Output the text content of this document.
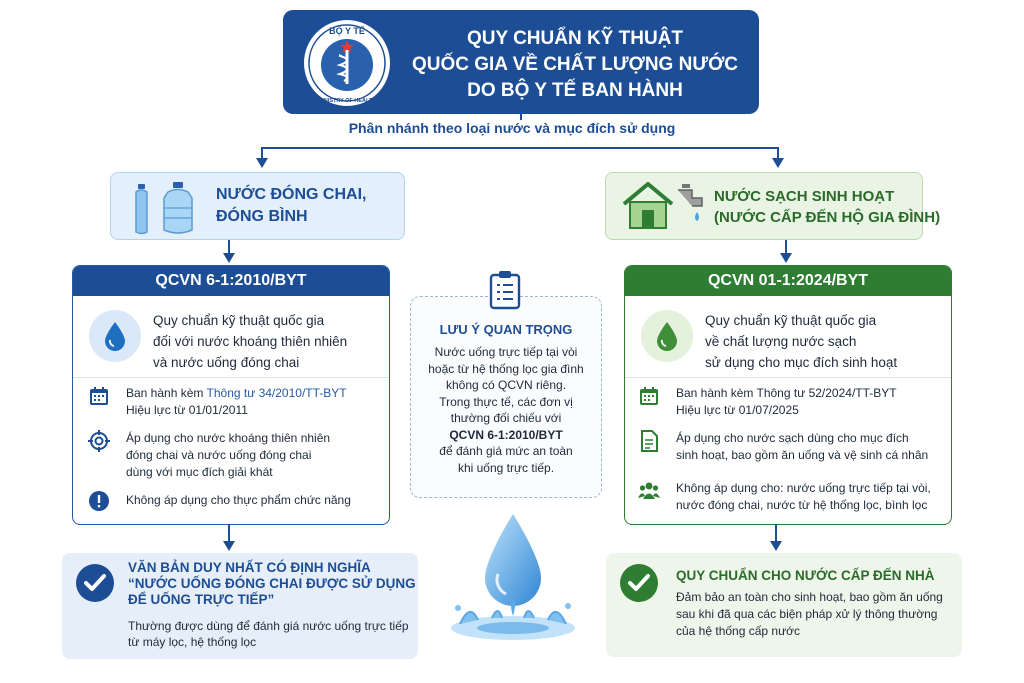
BỘ Y TẾ
MINISTRY OF HEALTH
QUY CHUẨN KỸ THUẬT
QUỐC GIA VỀ CHẤT LƯỢNG NƯỚC
DO BỘ Y TẾ BAN HÀNH
Phân nhánh theo loại nước và mục đích sử dụng
NƯỚC ĐÓNG CHAI,
ĐÓNG BÌNH
NƯỚC SẠCH SINH HOẠT
(NƯỚC CẤP ĐẾN HỘ GIA ĐÌNH)
QCVN 6-1:2010/BYT
Quy chuẩn kỹ thuật quốc gia
đối với nước khoáng thiên nhiên
và nước uống đóng chai
Ban hành kèm Thông tư 34/2010/TT-BYT
Hiệu lực từ 01/01/2011
Áp dụng cho nước khoáng thiên nhiên
đóng chai và nước uống đóng chai
dùng với mục đích giải khát
Không áp dụng cho thực phẩm chức năng
QCVN 01-1:2024/BYT
Quy chuẩn kỹ thuật quốc gia
về chất lượng nước sạch
sử dụng cho mục đích sinh hoạt
Ban hành kèm Thông tư 52/2024/TT-BYT
Hiệu lực từ 01/07/2025
Áp dụng cho nước sạch dùng cho mục đích
sinh hoạt, bao gồm ăn uống và vệ sinh cá nhân
Không áp dụng cho: nước uống trực tiếp tại vòi,
nước đóng chai, nước từ hệ thống lọc, bình lọc
LƯU Ý QUAN TRỌNG
Nước uống trực tiếp tại vòi
hoặc từ hệ thống lọc gia đình
không có QCVN riêng.
Trong thực tế, các đơn vị
thường đối chiếu với
QCVN 6-1:2010/BYT
để đánh giá mức an toàn
khi uống trực tiếp.
VĂN BẢN DUY NHẤT CÓ ĐỊNH NGHĨA
“NƯỚC UỐNG ĐÓNG CHAI ĐƯỢC SỬ DỤNG
ĐỂ UỐNG TRỰC TIẾP”
Thường được dùng để đánh giá nước uống trực tiếp
từ máy lọc, hệ thống lọc
QUY CHUẨN CHO NƯỚC CẤP ĐẾN NHÀ
Đảm bảo an toàn cho sinh hoạt, bao gồm ăn uống
sau khi đã qua các biện pháp xử lý thông thường
của hệ thống cấp nước
